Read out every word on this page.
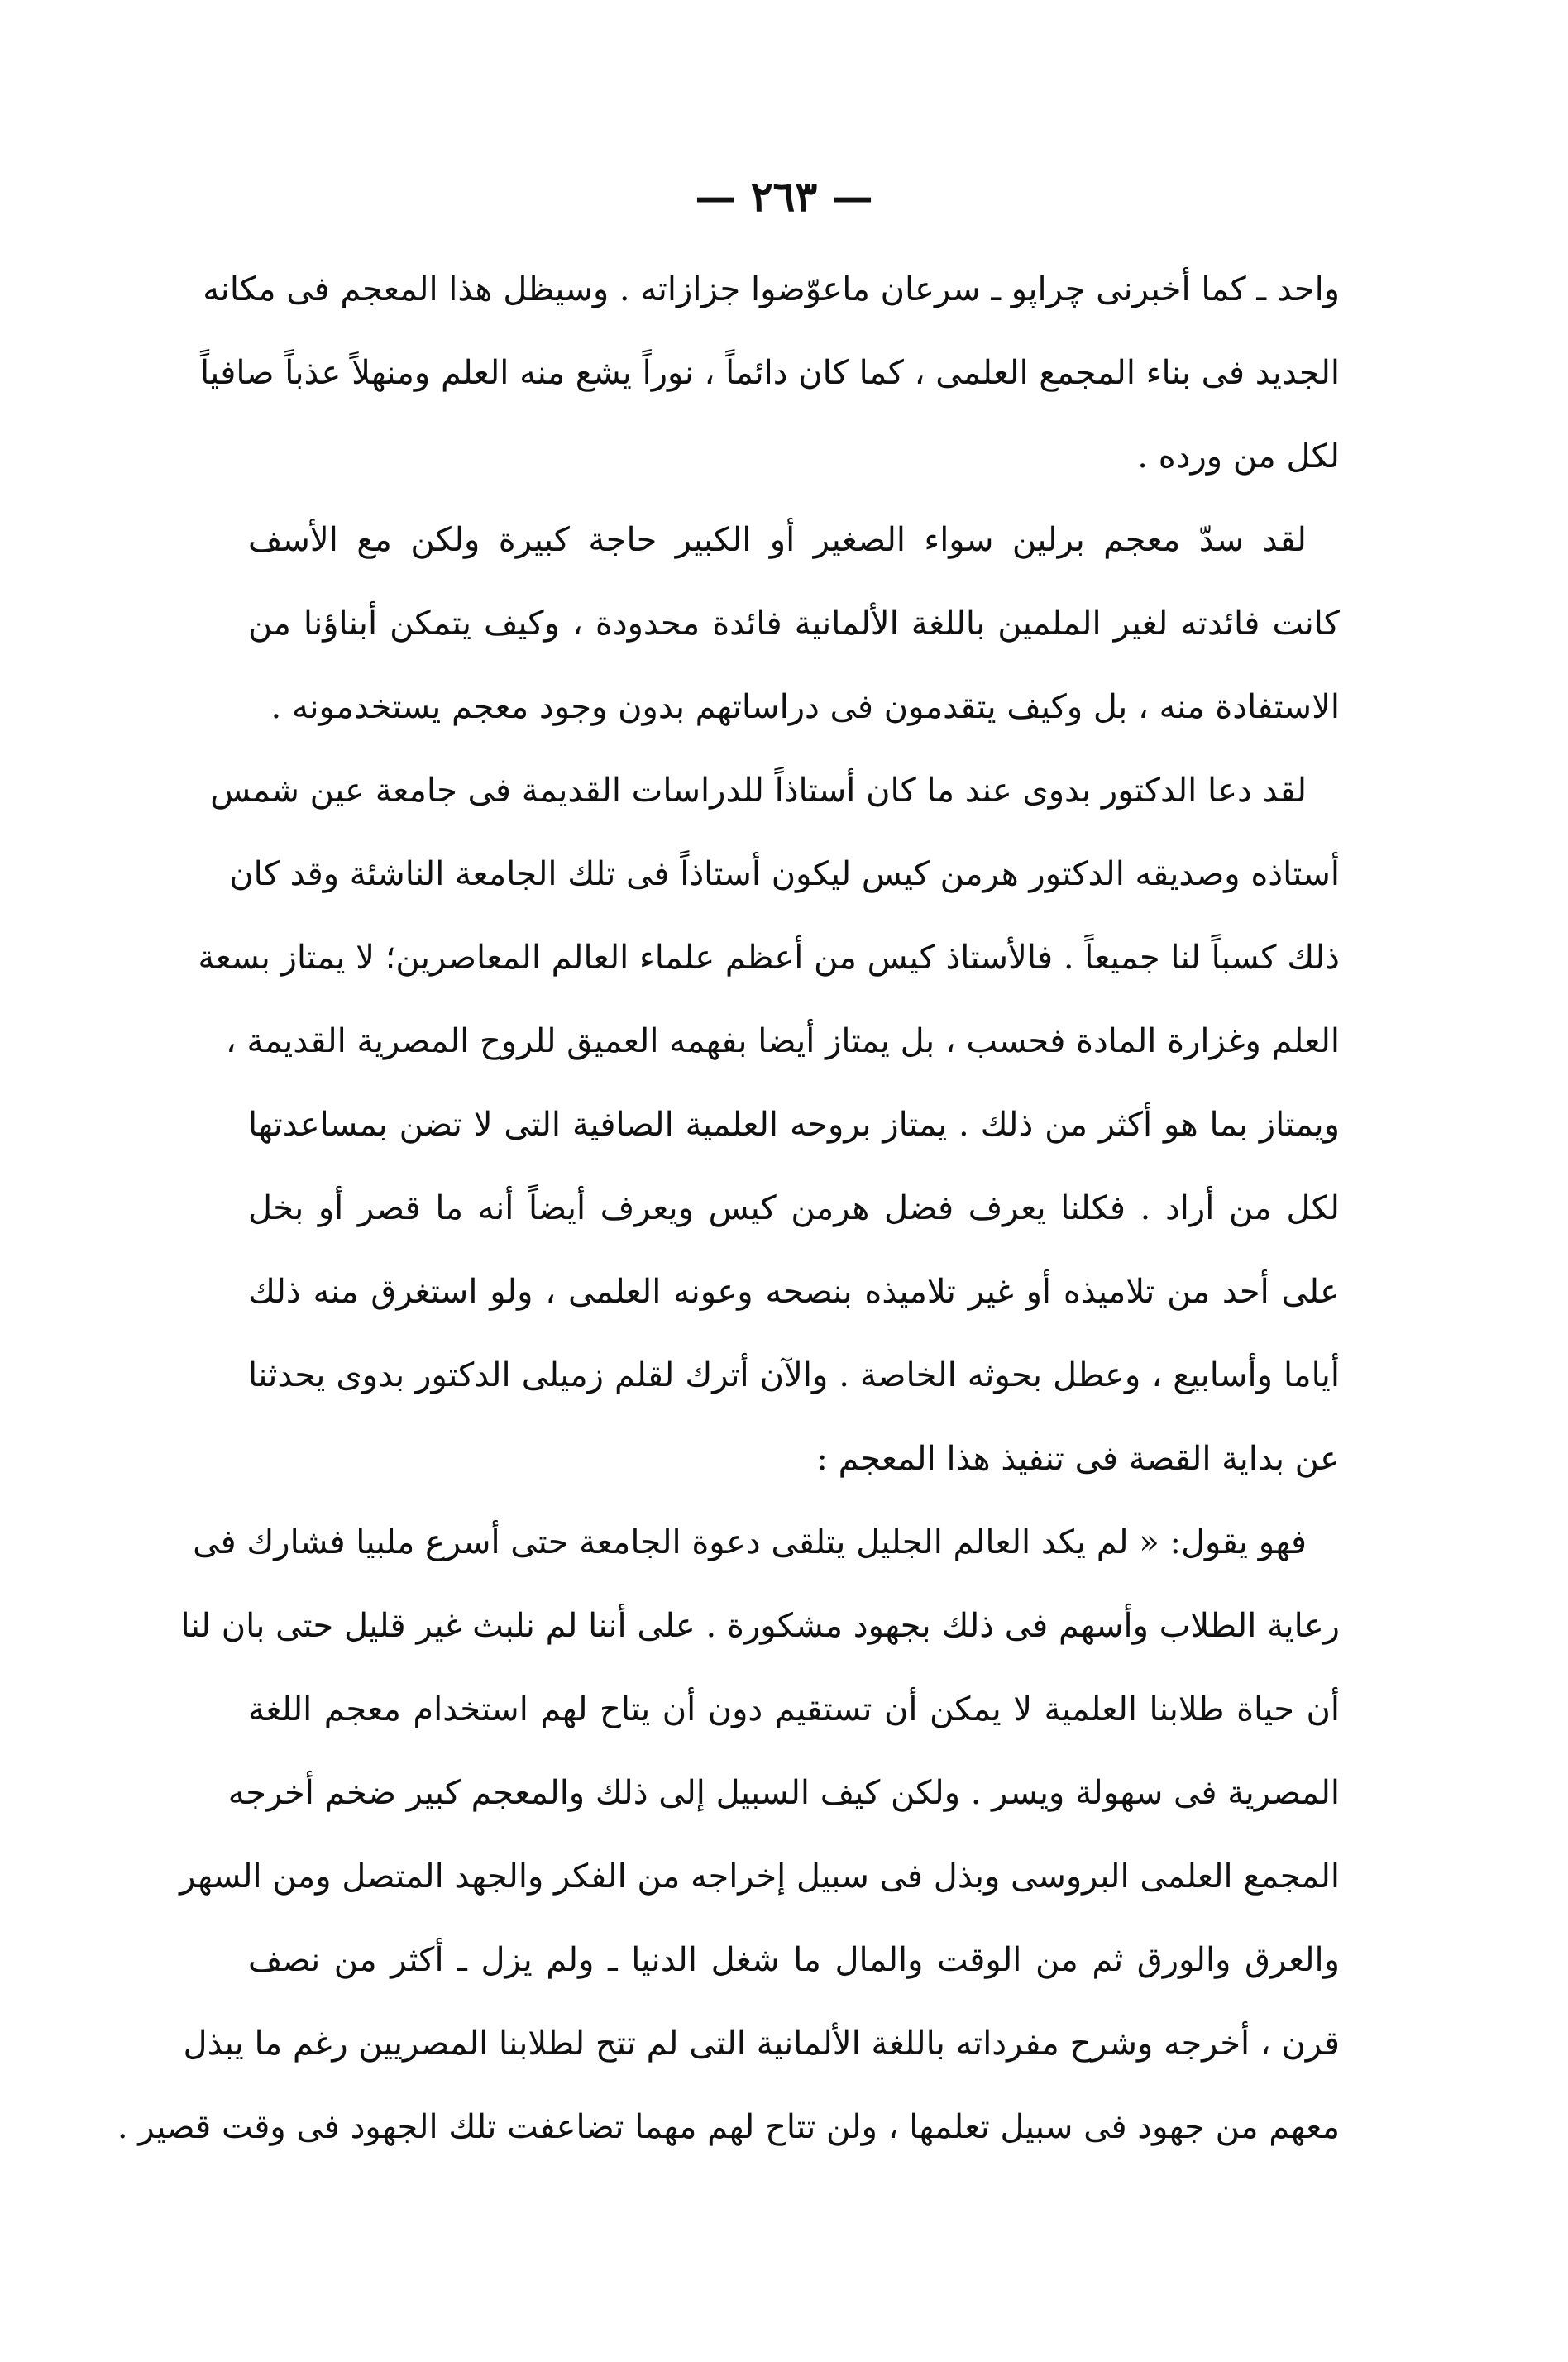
— ٢٦٣ —
واحد ـ كما أخبرنى چراپو ـ سرعان ماعوّضوا جزازاته . وسيظل هذا المعجم فى مكانه
الجديد فى بناء المجمع العلمى ، كما كان دائماً ، نوراً يشع منه العلم ومنهلاً عذباً صافياً
لكل من ورده .
لقد سدّ معجم برلين سواء الصغير أو الكبير حاجة كبيرة ولكن مع الأسف
كانت فائدته لغير الملمين باللغة الألمانية فائدة محدودة ، وكيف يتمكن أبناؤنا من
الاستفادة منه ، بل وكيف يتقدمون فى دراساتهم بدون وجود معجم يستخدمونه .
لقد دعا الدكتور بدوى عند ما كان أستاذاً للدراسات القديمة فى جامعة عين شمس
أستاذه وصديقه الدكتور هرمن كيس ليكون أستاذاً فى تلك الجامعة الناشئة وقد كان
ذلك كسباً لنا جميعاً . فالأستاذ كيس من أعظم علماء العالم المعاصرين؛ لا يمتاز بسعة
العلم وغزارة المادة فحسب ، بل يمتاز أيضا بفهمه العميق للروح المصرية القديمة ،
ويمتاز بما هو أكثر من ذلك . يمتاز بروحه العلمية الصافية التى لا تضن بمساعدتها
لكل من أراد . فكلنا يعرف فضل هرمن كيس ويعرف أيضاً أنه ما قصر أو بخل
على أحد من تلاميذه أو غير تلاميذه بنصحه وعونه العلمى ، ولو استغرق منه ذلك
أياما وأسابيع ، وعطل بحوثه الخاصة . والآن أترك لقلم زميلى الدكتور بدوى يحدثنا
عن بداية القصة فى تنفيذ هذا المعجم :
فهو يقول: « لم يكد العالم الجليل يتلقى دعوة الجامعة حتى أسرع ملبيا فشارك فى
رعاية الطلاب وأسهم فى ذلك بجهود مشكورة . على أننا لم نلبث غير قليل حتى بان لنا
أن حياة طلابنا العلمية لا يمكن أن تستقيم دون أن يتاح لهم استخدام معجم اللغة
المصرية فى سهولة ويسر . ولكن كيف السبيل إلى ذلك والمعجم كبير ضخم أخرجه
المجمع العلمى البروسى وبذل فى سبيل إخراجه من الفكر والجهد المتصل ومن السهر
والعرق والورق ثم من الوقت والمال ما شغل الدنيا ـ ولم يزل ـ أكثر من نصف
قرن ، أخرجه وشرح مفرداته باللغة الألمانية التى لم تتح لطلابنا المصريين رغم ما يبذل
معهم من جهود فى سبيل تعلمها ، ولن تتاح لهم مهما تضاعفت تلك الجهود فى وقت قصير .
